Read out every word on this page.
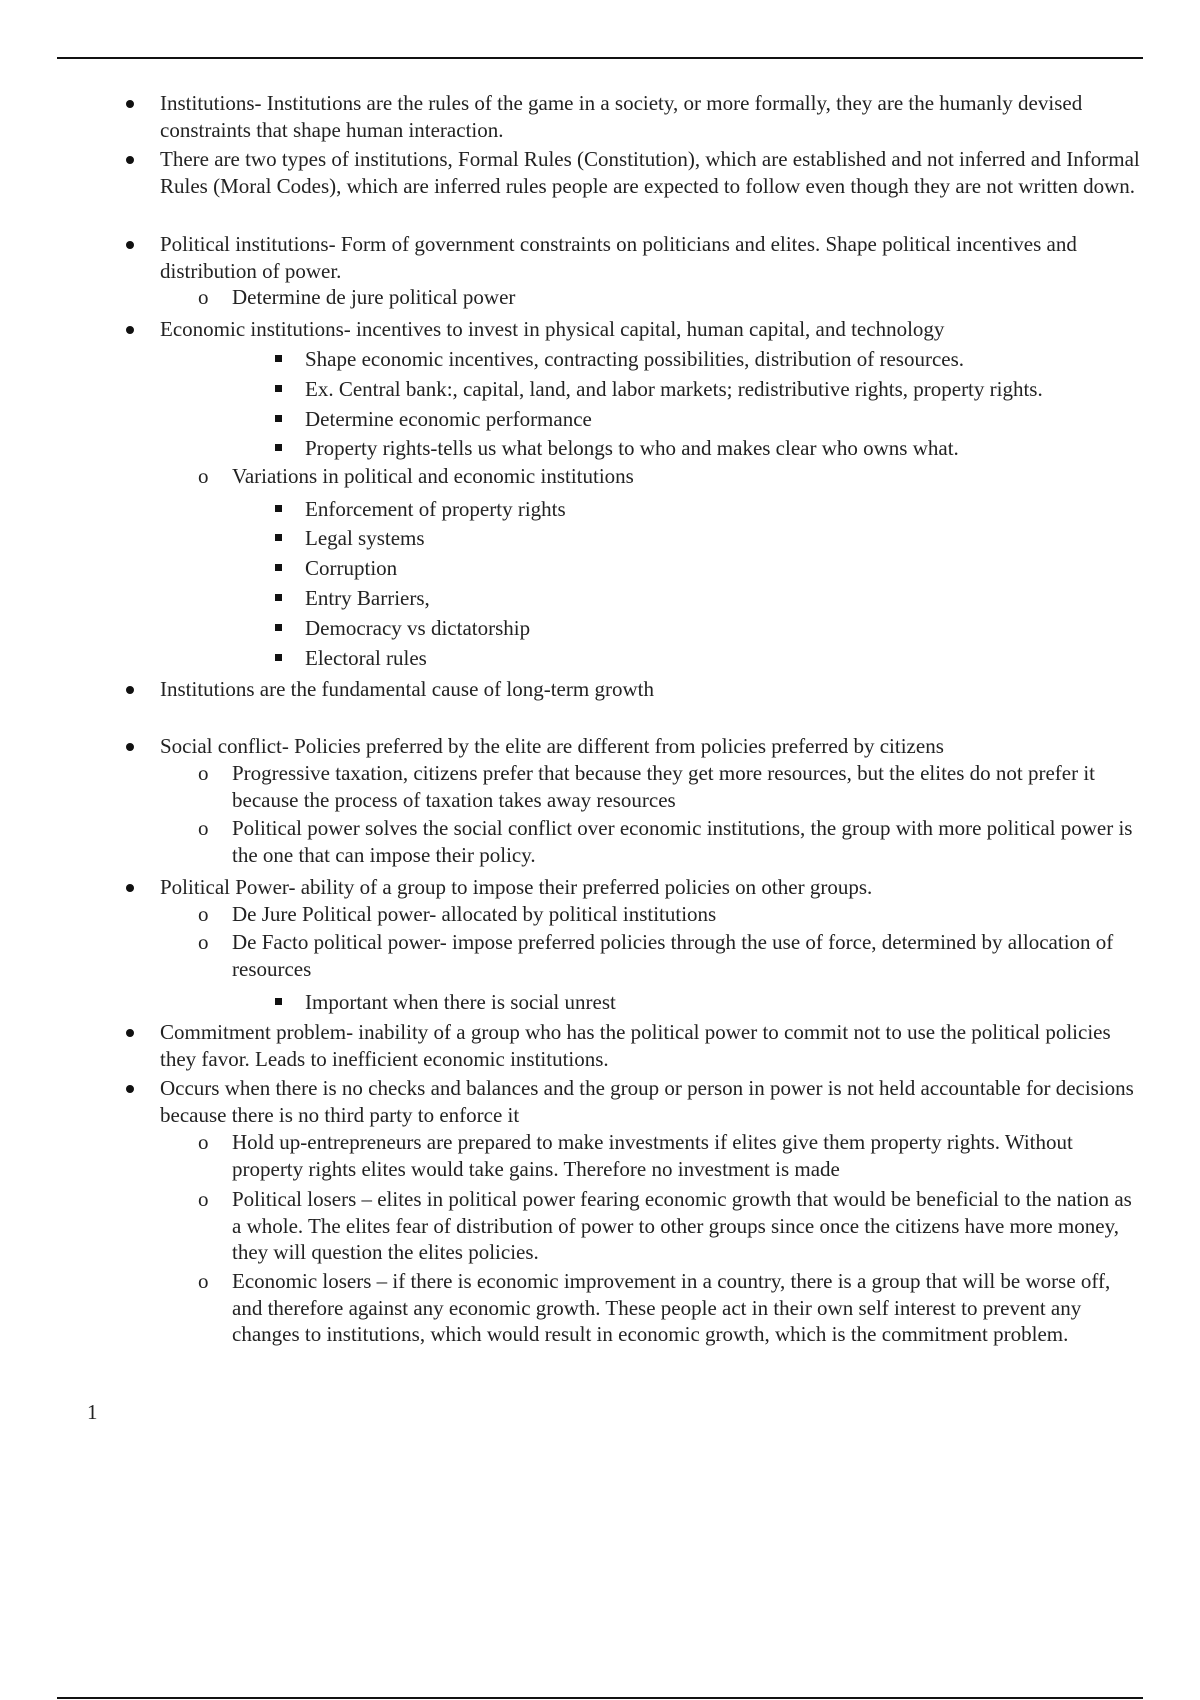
Institutions- Institutions are the rules of the game in a society, or more formally, they are the humanly devised constraints that shape human interaction.
There are two types of institutions, Formal Rules (Constitution), which are established and not inferred and Informal Rules (Moral Codes), which are inferred rules people are expected to follow even though they are not written down.
Political institutions- Form of government constraints on politicians and elites. Shape political incentives and distribution of power.
o Determine de jure political power
Economic institutions- incentives to invest in physical capital, human capital, and technology
Shape economic incentives, contracting possibilities, distribution of resources.
Ex. Central bank:, capital, land, and labor markets; redistributive rights, property rights.
Determine economic performance
Property rights-tells us what belongs to who and makes clear who owns what.
o Variations in political and economic institutions
Enforcement of property rights
Legal systems
Corruption
Entry Barriers,
Democracy vs dictatorship
Electoral rules
Institutions are the fundamental cause of long-term growth
Social conflict- Policies preferred by the elite are different from policies preferred by citizens
o Progressive taxation, citizens prefer that because they get more resources, but the elites do not prefer it because the process of taxation takes away resources
o Political power solves the social conflict over economic institutions, the group with more political power is the one that can impose their policy.
Political Power- ability of a group to impose their preferred policies on other groups.
o De Jure Political power- allocated by political institutions
o De Facto political power- impose preferred policies through the use of force, determined by allocation of resources
Important when there is social unrest
Commitment problem- inability of a group who has the political power to commit not to use the political policies they favor. Leads to inefficient economic institutions.
Occurs when there is no checks and balances and the group or person in power is not held accountable for decisions because there is no third party to enforce it
o Hold up-entrepreneurs are prepared to make investments if elites give them property rights. Without property rights elites would take gains. Therefore no investment is made
o Political losers – elites in political power fearing economic growth that would be beneficial to the nation as a whole. The elites fear of distribution of power to other groups since once the citizens have more money, they will question the elites policies.
o Economic losers – if there is economic improvement in a country, there is a group that will be worse off, and therefore against any economic growth. These people act in their own self interest to prevent any changes to institutions, which would result in economic growth, which is the commitment problem.
1
